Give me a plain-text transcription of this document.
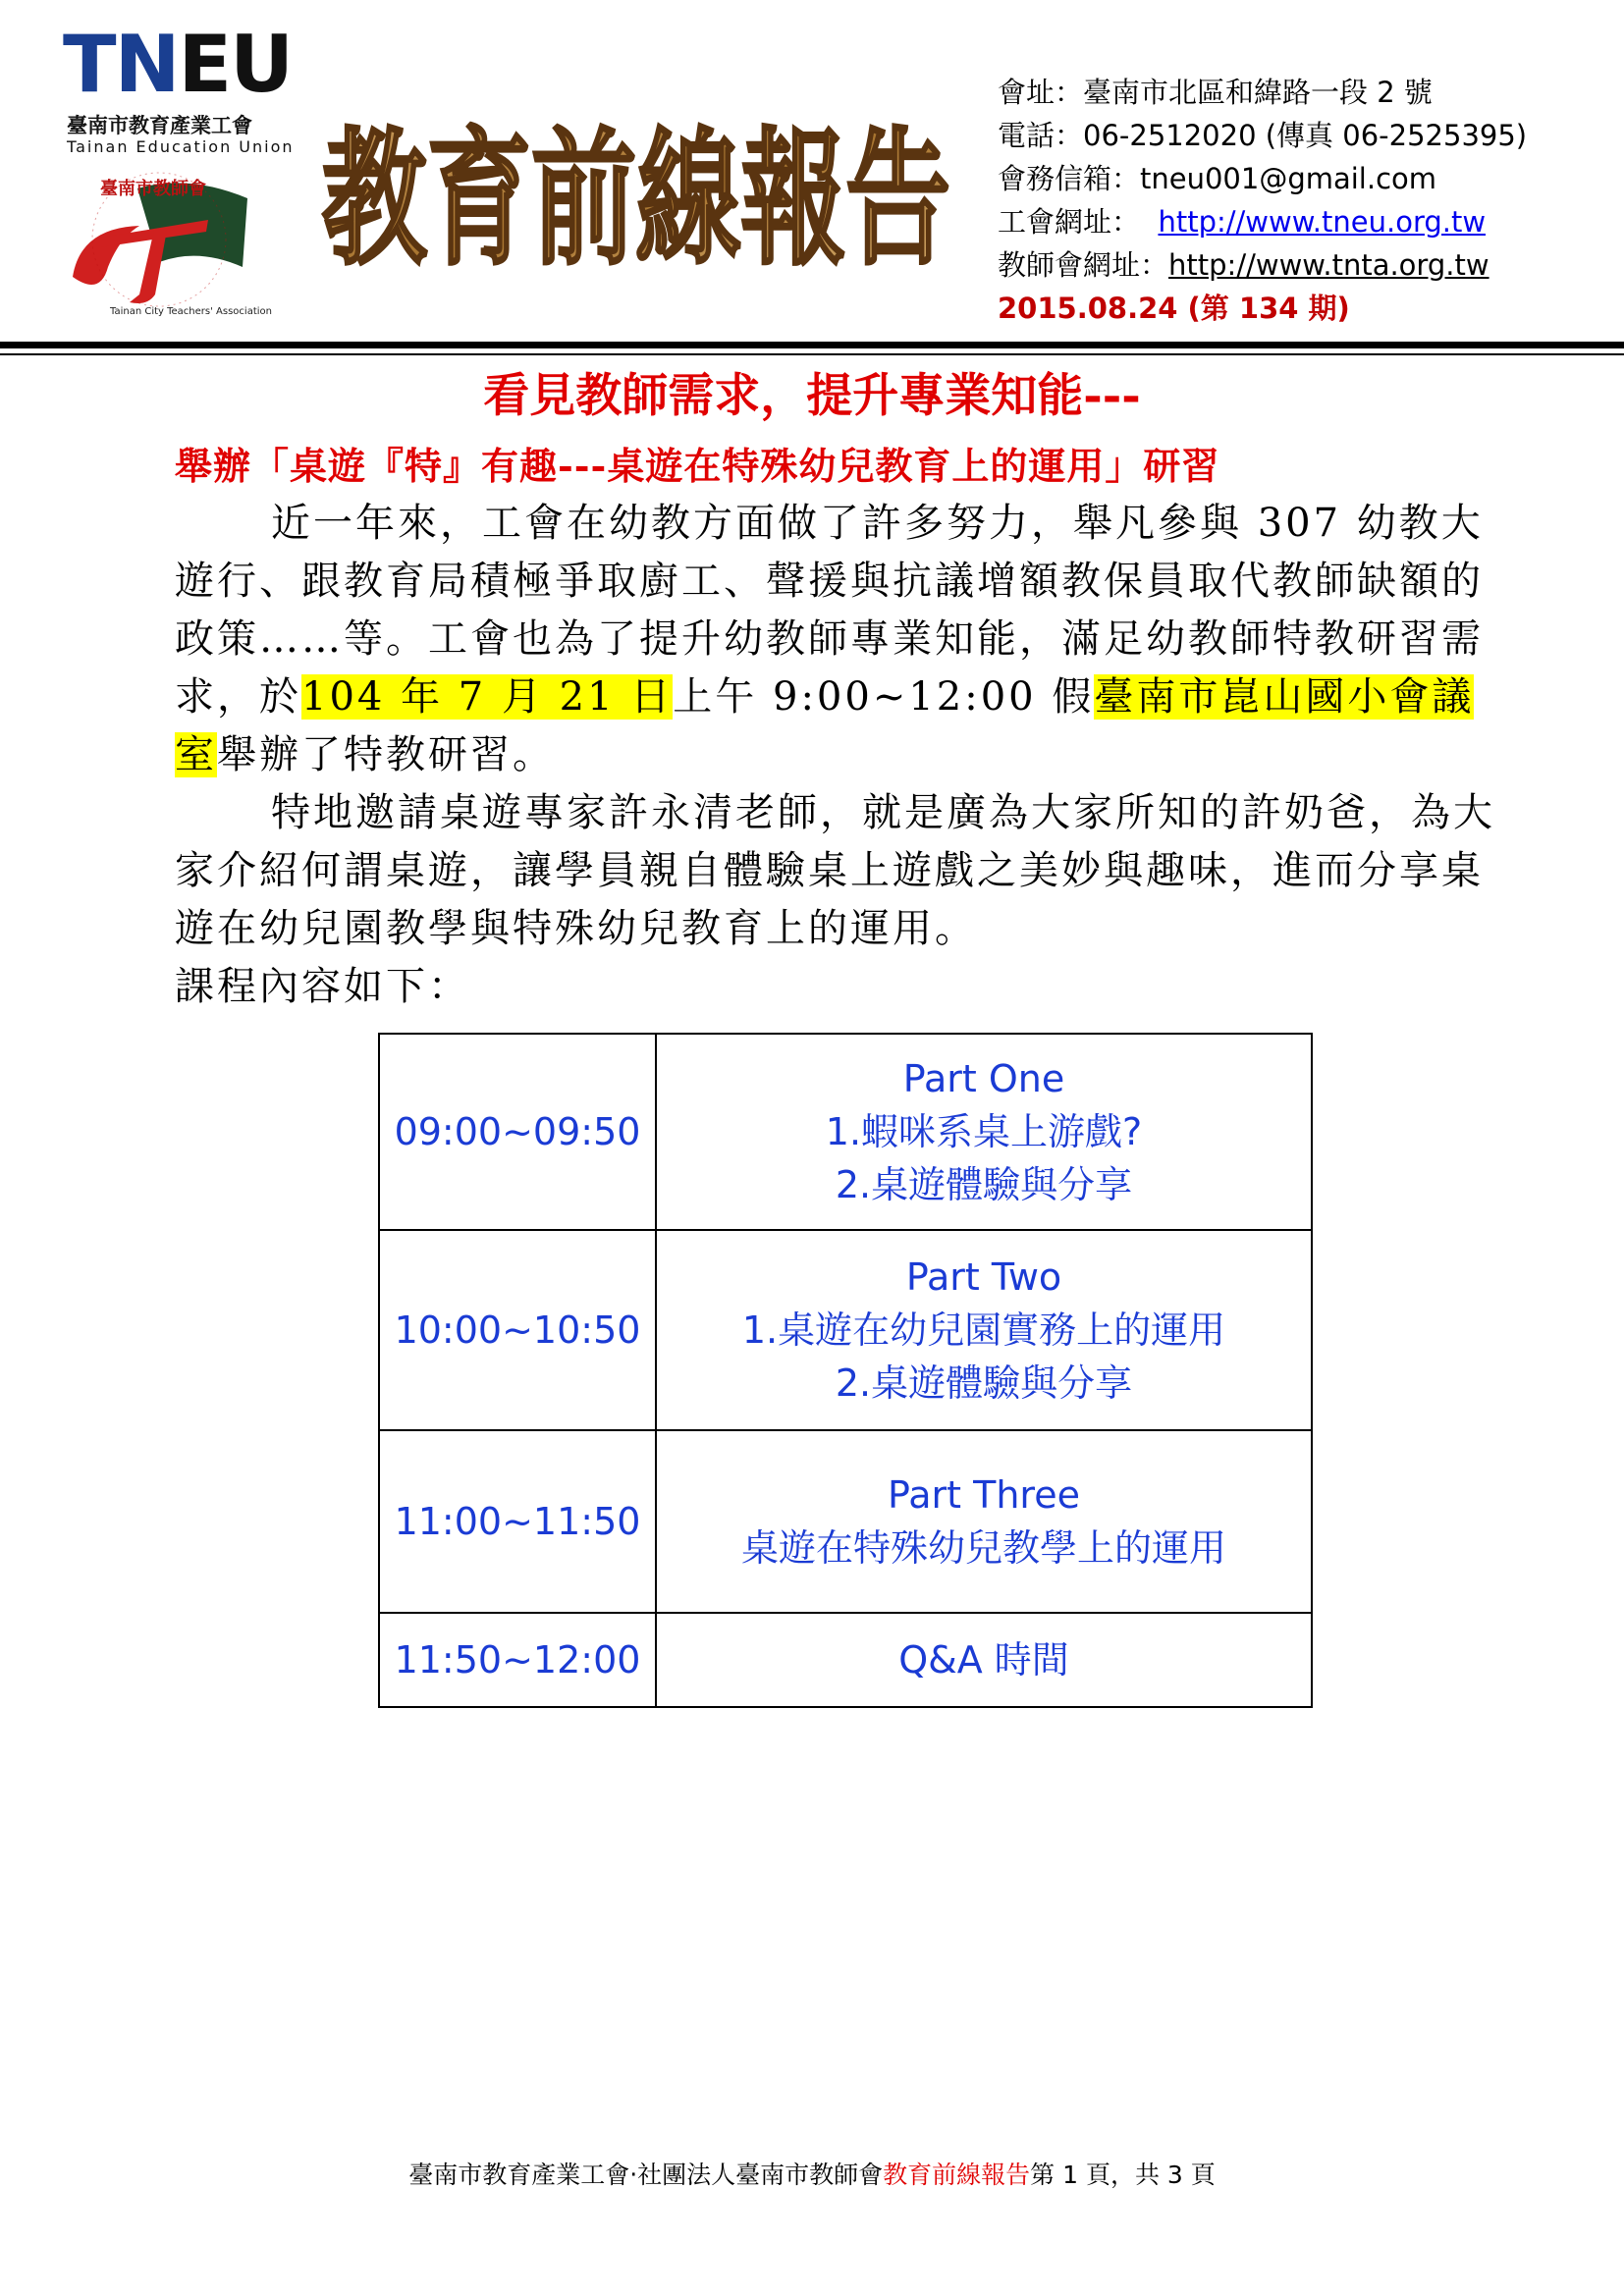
TNEU
臺南市教育產業工會
Tainan Education Union
臺南市教師會
Tainan City Teachers' Association
教育前線報告
會址：臺南市北區和緯路一段 2 號
電話：06-2512020 (傳真 06-2525395)
會務信箱：tneu001@gmail.com
工會網址： http://www.tneu.org.tw
教師會網址：http://www.tnta.org.tw
2015.08.24 (第 134 期)
看見教師需求，提升專業知能---
舉辦「桌遊『特』有趣---桌遊在特殊幼兒教育上的運用」研習

近一年來，工會在幼教方面做了許多努力，舉凡參與 307 幼教大遊行、跟教育局積極爭取廚工、聲援與抗議增額教保員取代教師缺額的政策……等。工會也為了提升幼教師專業知能，滿足幼教師特教研習需求，於104 年 7 月 21 日上午 9:00~12:00 假臺南市崑山國小會議室舉辦了特教研習。

特地邀請桌遊專家許永清老師，就是廣為大家所知的許奶爸，為大家介紹何謂桌遊，讓學員親自體驗桌上遊戲之美妙與趣味，進而分享桌遊在幼兒園教學與特殊幼兒教育上的運用。

課程內容如下：

09:00~09:50	Part One
1.蝦咪系桌上游戲?
2.桌遊體驗與分享

10:00~10:50	Part Two
1.桌遊在幼兒園實務上的運用
2.桌遊體驗與分享

11:00~11:50	Part Three
桌遊在特殊幼兒教學上的運用

11:50~12:00	Q&A 時間
臺南市教育產業工會‧社團法人臺南市教師會教育前線報告第 1 頁，共 3 頁
